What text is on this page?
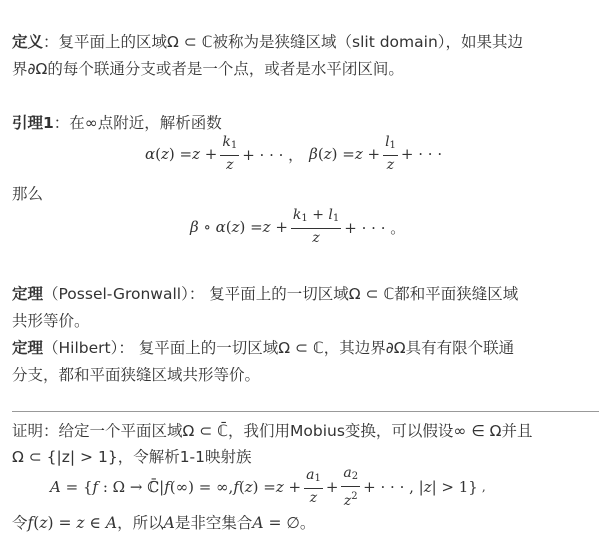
定义：复平面上的区域Ω ⊂ ℂ被称为是狭缝区域（slit domain），如果其边
界∂Ω的每个联通分支或者是一个点，或者是水平闭区间。
引理1：在∞点附近，解析函数
α ( z ) = $z + \frac{k_1}{z}$ + · · · ， β ( z ) = $z + \frac{l_1}{z}$ + · · ·
那么
β ∘ α ( z ) = $z + \frac{k_1 + l_1}{z}$ + · · · 。
定理（Possel-Gronwall）： 复平面上的一切区域Ω ⊂ ℂ都和平面狭缝区域
共形等价。
定理（Hilbert）： 复平面上的一切区域Ω ⊂ ℂ，其边界∂Ω具有有限个联通
分支，都和平面狭缝区域共形等价。
证明：给定一个平面区域Ω ⊂ ℂ̄，我们用Mobius变换，可以假设∞ ∈ Ω并且
Ω ⊂ {|z| > 1}，令解析1-1映射族
A = { f : Ω → ℂ̄| f (∞) = ∞, f ( z ) = $z + \frac{a_1}{z} + \frac{a_2}{z^2}$ + · · · , | z | > 1} ,
令f(z) = z ∈ A，所以A是非空集合A = ∅。
